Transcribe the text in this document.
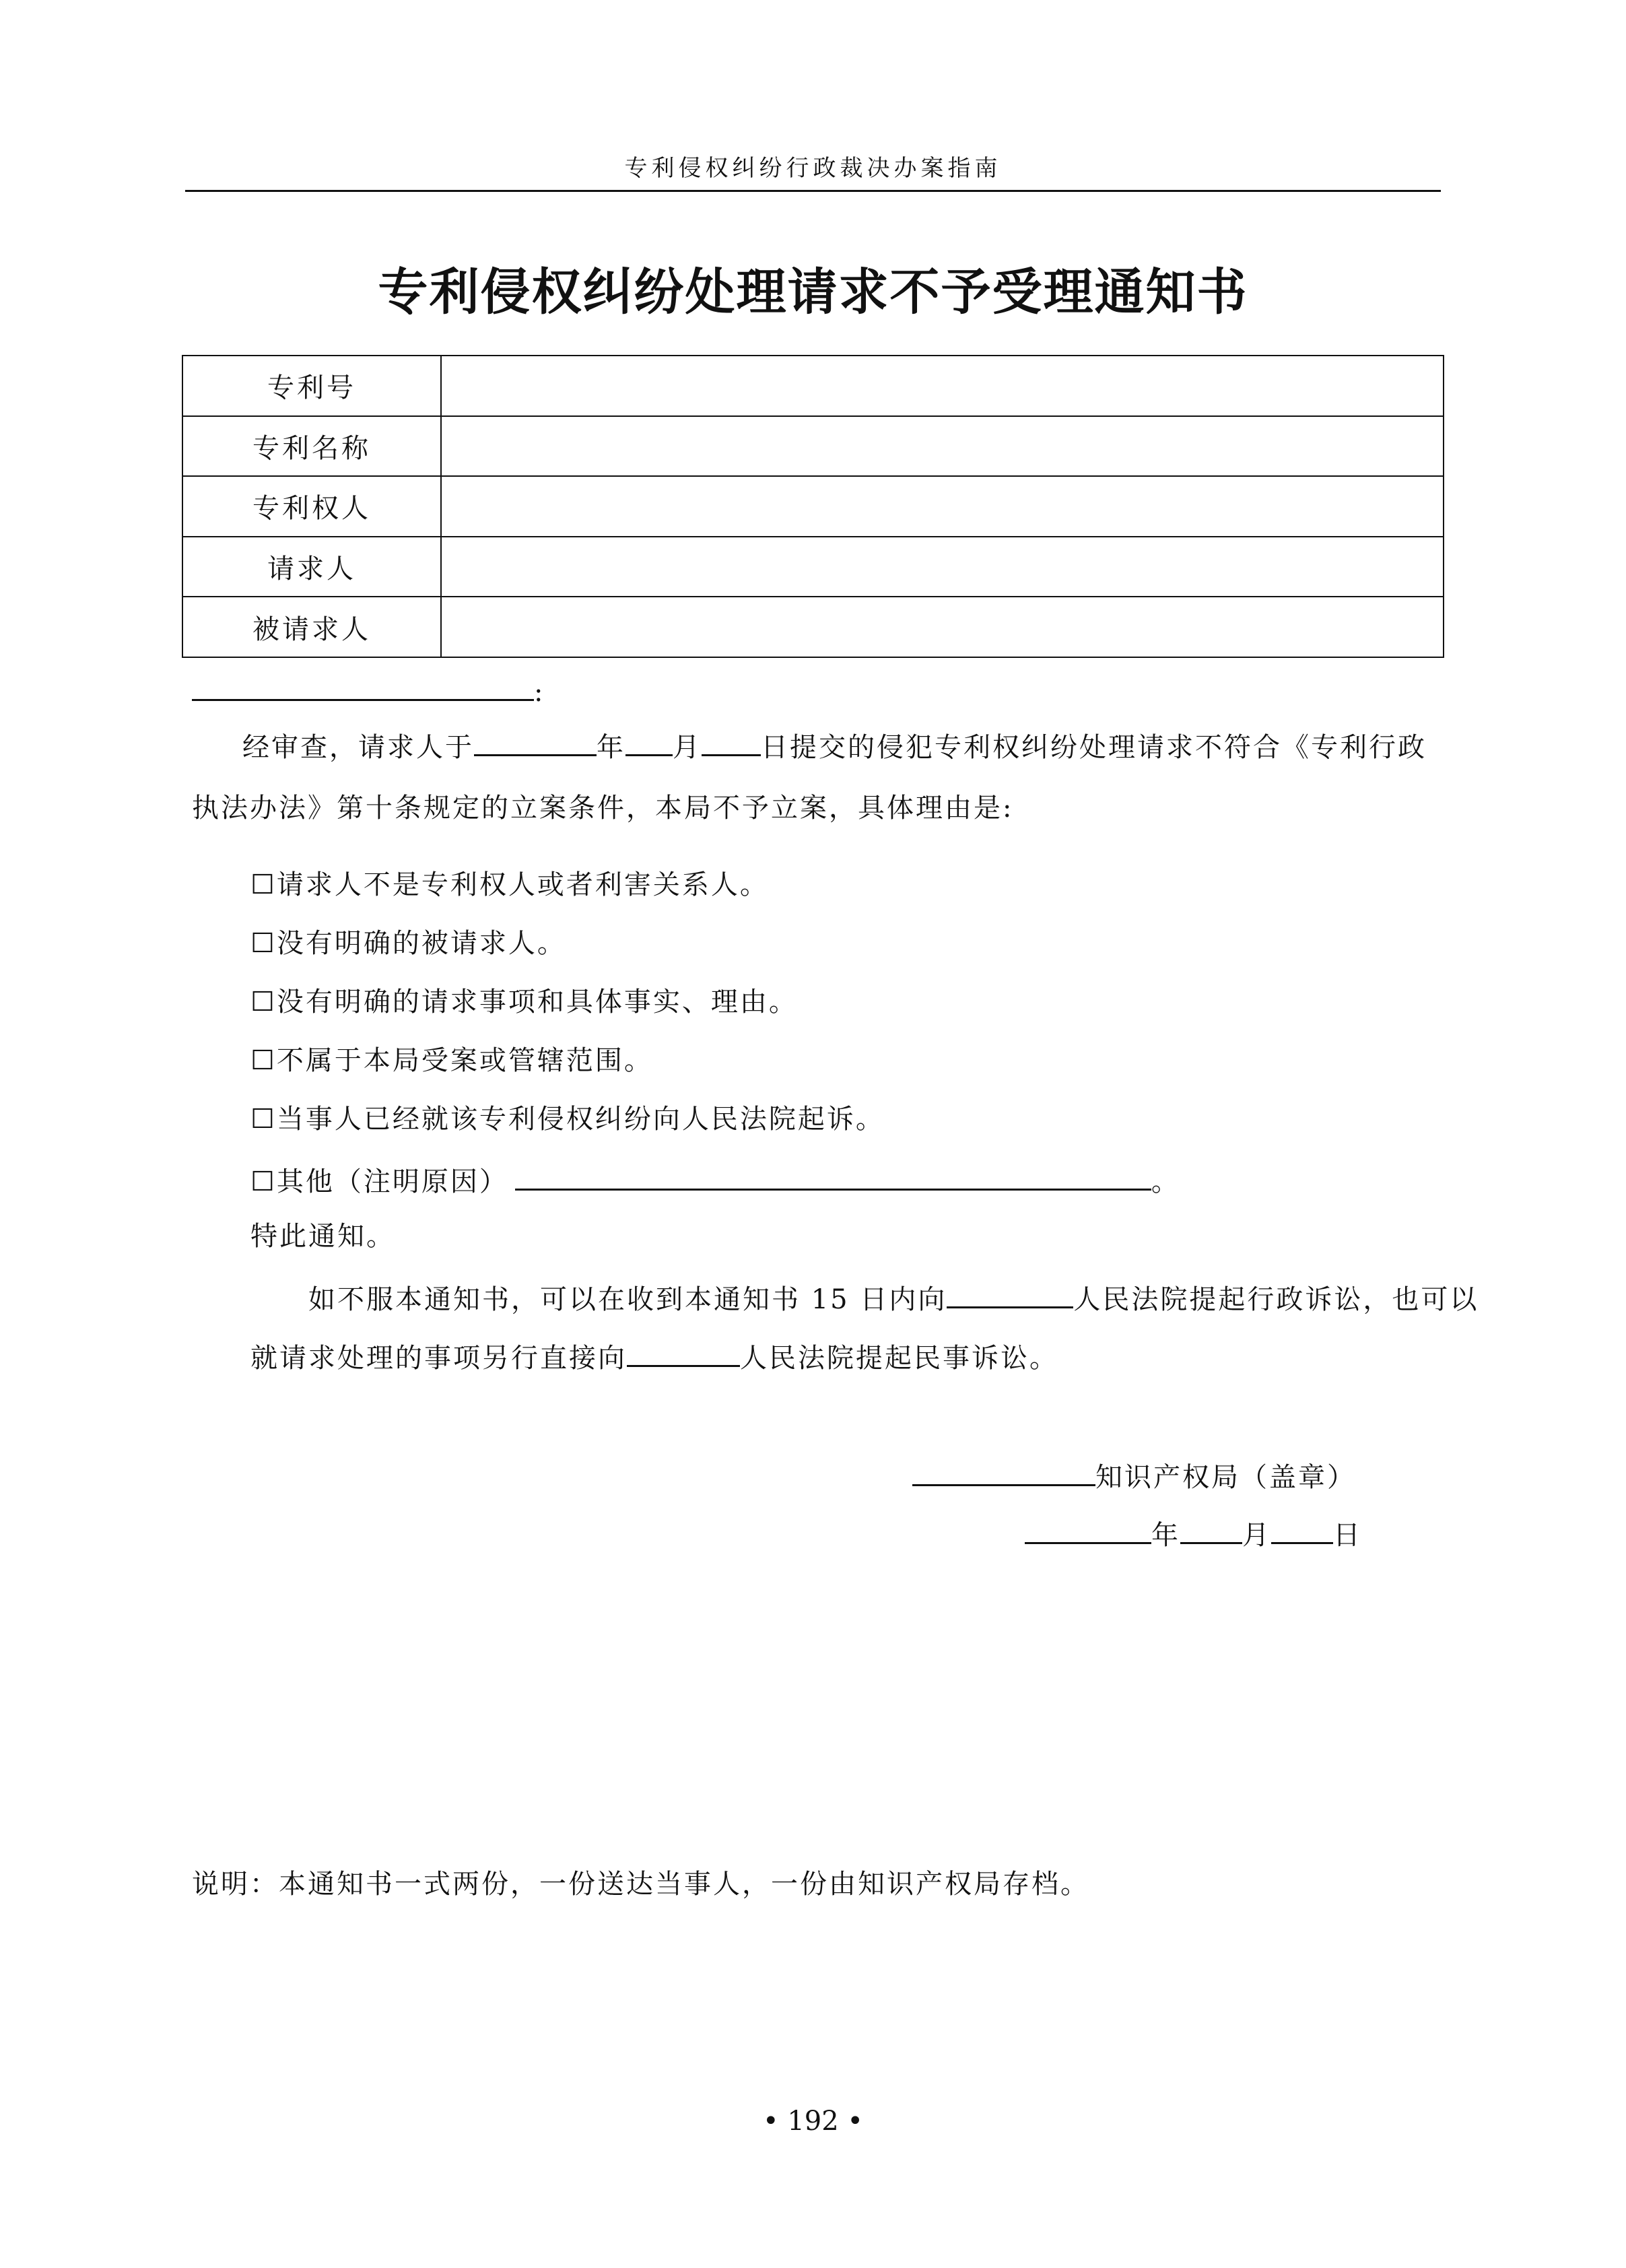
专利侵权纠纷行政裁决办案指南
专利侵权纠纷处理请求不予受理通知书
专利号	
专利名称	
专利权人	
请求人	
被请求人	
:
经审查，请求人于	年 月 日提交的侵犯专利权纠纷处理请求不符合《专利行政
执法办法》第十条规定的立案条件，本局不予立案，具体理由是:
☐请求人不是专利权人或者利害关系人。
☐没有明确的被请求人。
☐没有明确的请求事项和具体事实、理由。
☐不属于本局受案或管辖范围。
☐当事人已经就该专利侵权纠纷向人民法院起诉。
☐其他（注明原因）	。
特此通知。
如不服本通知书，可以在收到本通知书 15 日内向	人民法院提起行政诉讼，也可以
就请求处理的事项另行直接向	人民法院提起民事诉讼。
知识产权局（盖章）
年 月 日
说明：本通知书一式两份，一份送达当事人，一份由知识产权局存档。
• 192 •
